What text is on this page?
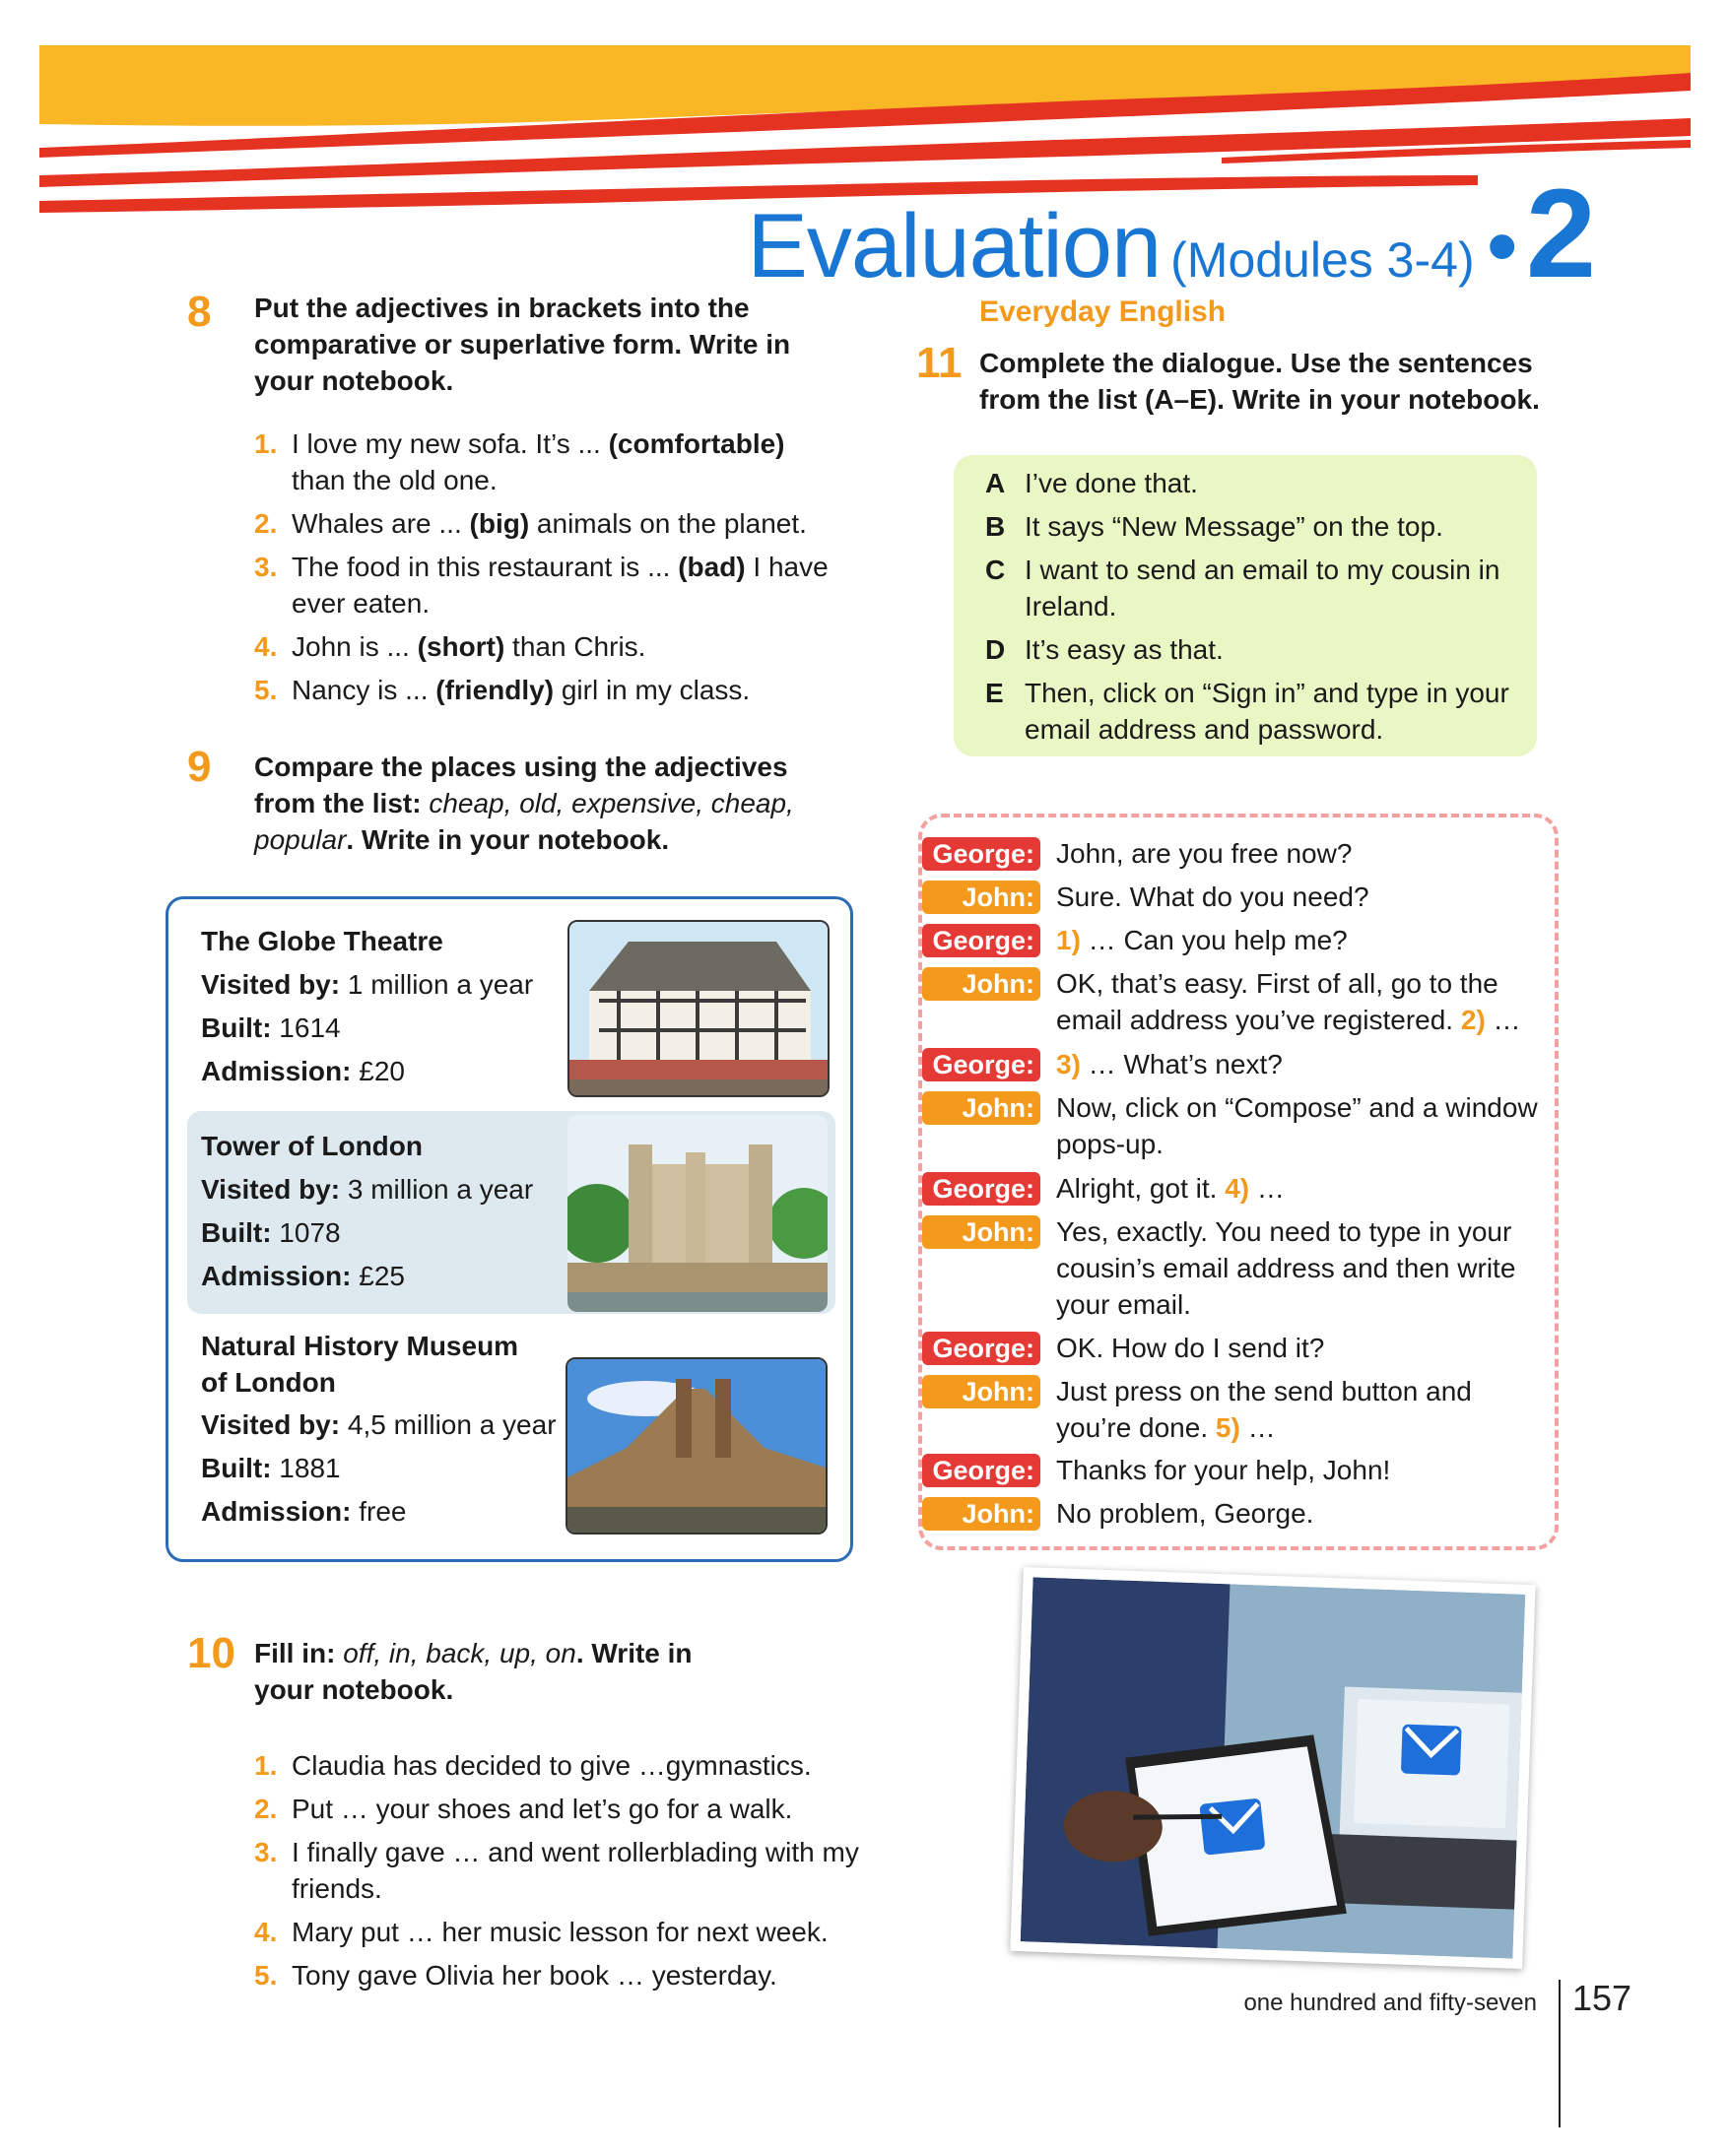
Evaluation (Modules 3-4) •2
8 Put the adjectives in brackets into the comparative or superlative form. Write in your notebook.
1. I love my new sofa. It’s ... (comfortable) than the old one.
2. Whales are ... (big) animals on the planet.
3. The food in this restaurant is ... (bad) I have ever eaten.
4. John is ... (short) than Chris.
5. Nancy is ... (friendly) girl in my class.
9 Compare the places using the adjectives from the list: cheap, old, expensive, cheap, popular. Write in your notebook.
The Globe Theatre
Visited by: 1 million a year
Built: 1614
Admission: £20
Tower of London
Visited by: 3 million a year
Built: 1078
Admission: £25
Natural History Museum
of London
Visited by: 4,5 million a year
Built: 1881
Admission: free
10 Fill in: off, in, back, up, on. Write in your notebook.
1. Claudia has decided to give …gymnastics.
2. Put … your shoes and let’s go for a walk.
3. I finally gave … and went rollerblading with my friends.
4. Mary put … her music lesson for next week.
5. Tony gave Olivia her book … yesterday.
Everyday English
11 Complete the dialogue. Use the sentences from the list (A–E). Write in your notebook.
A I’ve done that.
B It says “New Message” on the top.
C I want to send an email to my cousin in Ireland.
D It’s easy as that.
E Then, click on “Sign in” and type in your email address and password.
George: John, are you free now?
John: Sure. What do you need?
George: 1) … Can you help me?
John: OK, that’s easy. First of all, go to the email address you’ve registered. 2) …
George: 3) … What’s next?
John: Now, click on “Compose” and a window pops-up.
George: Alright, got it. 4) …
John: Yes, exactly. You need to type in your cousin’s email address and then write your email.
George: OK. How do I send it?
John: Just press on the send button and you’re done. 5) …
George: Thanks for your help, John!
John: No problem, George.
one hundred and fifty-seven 157
